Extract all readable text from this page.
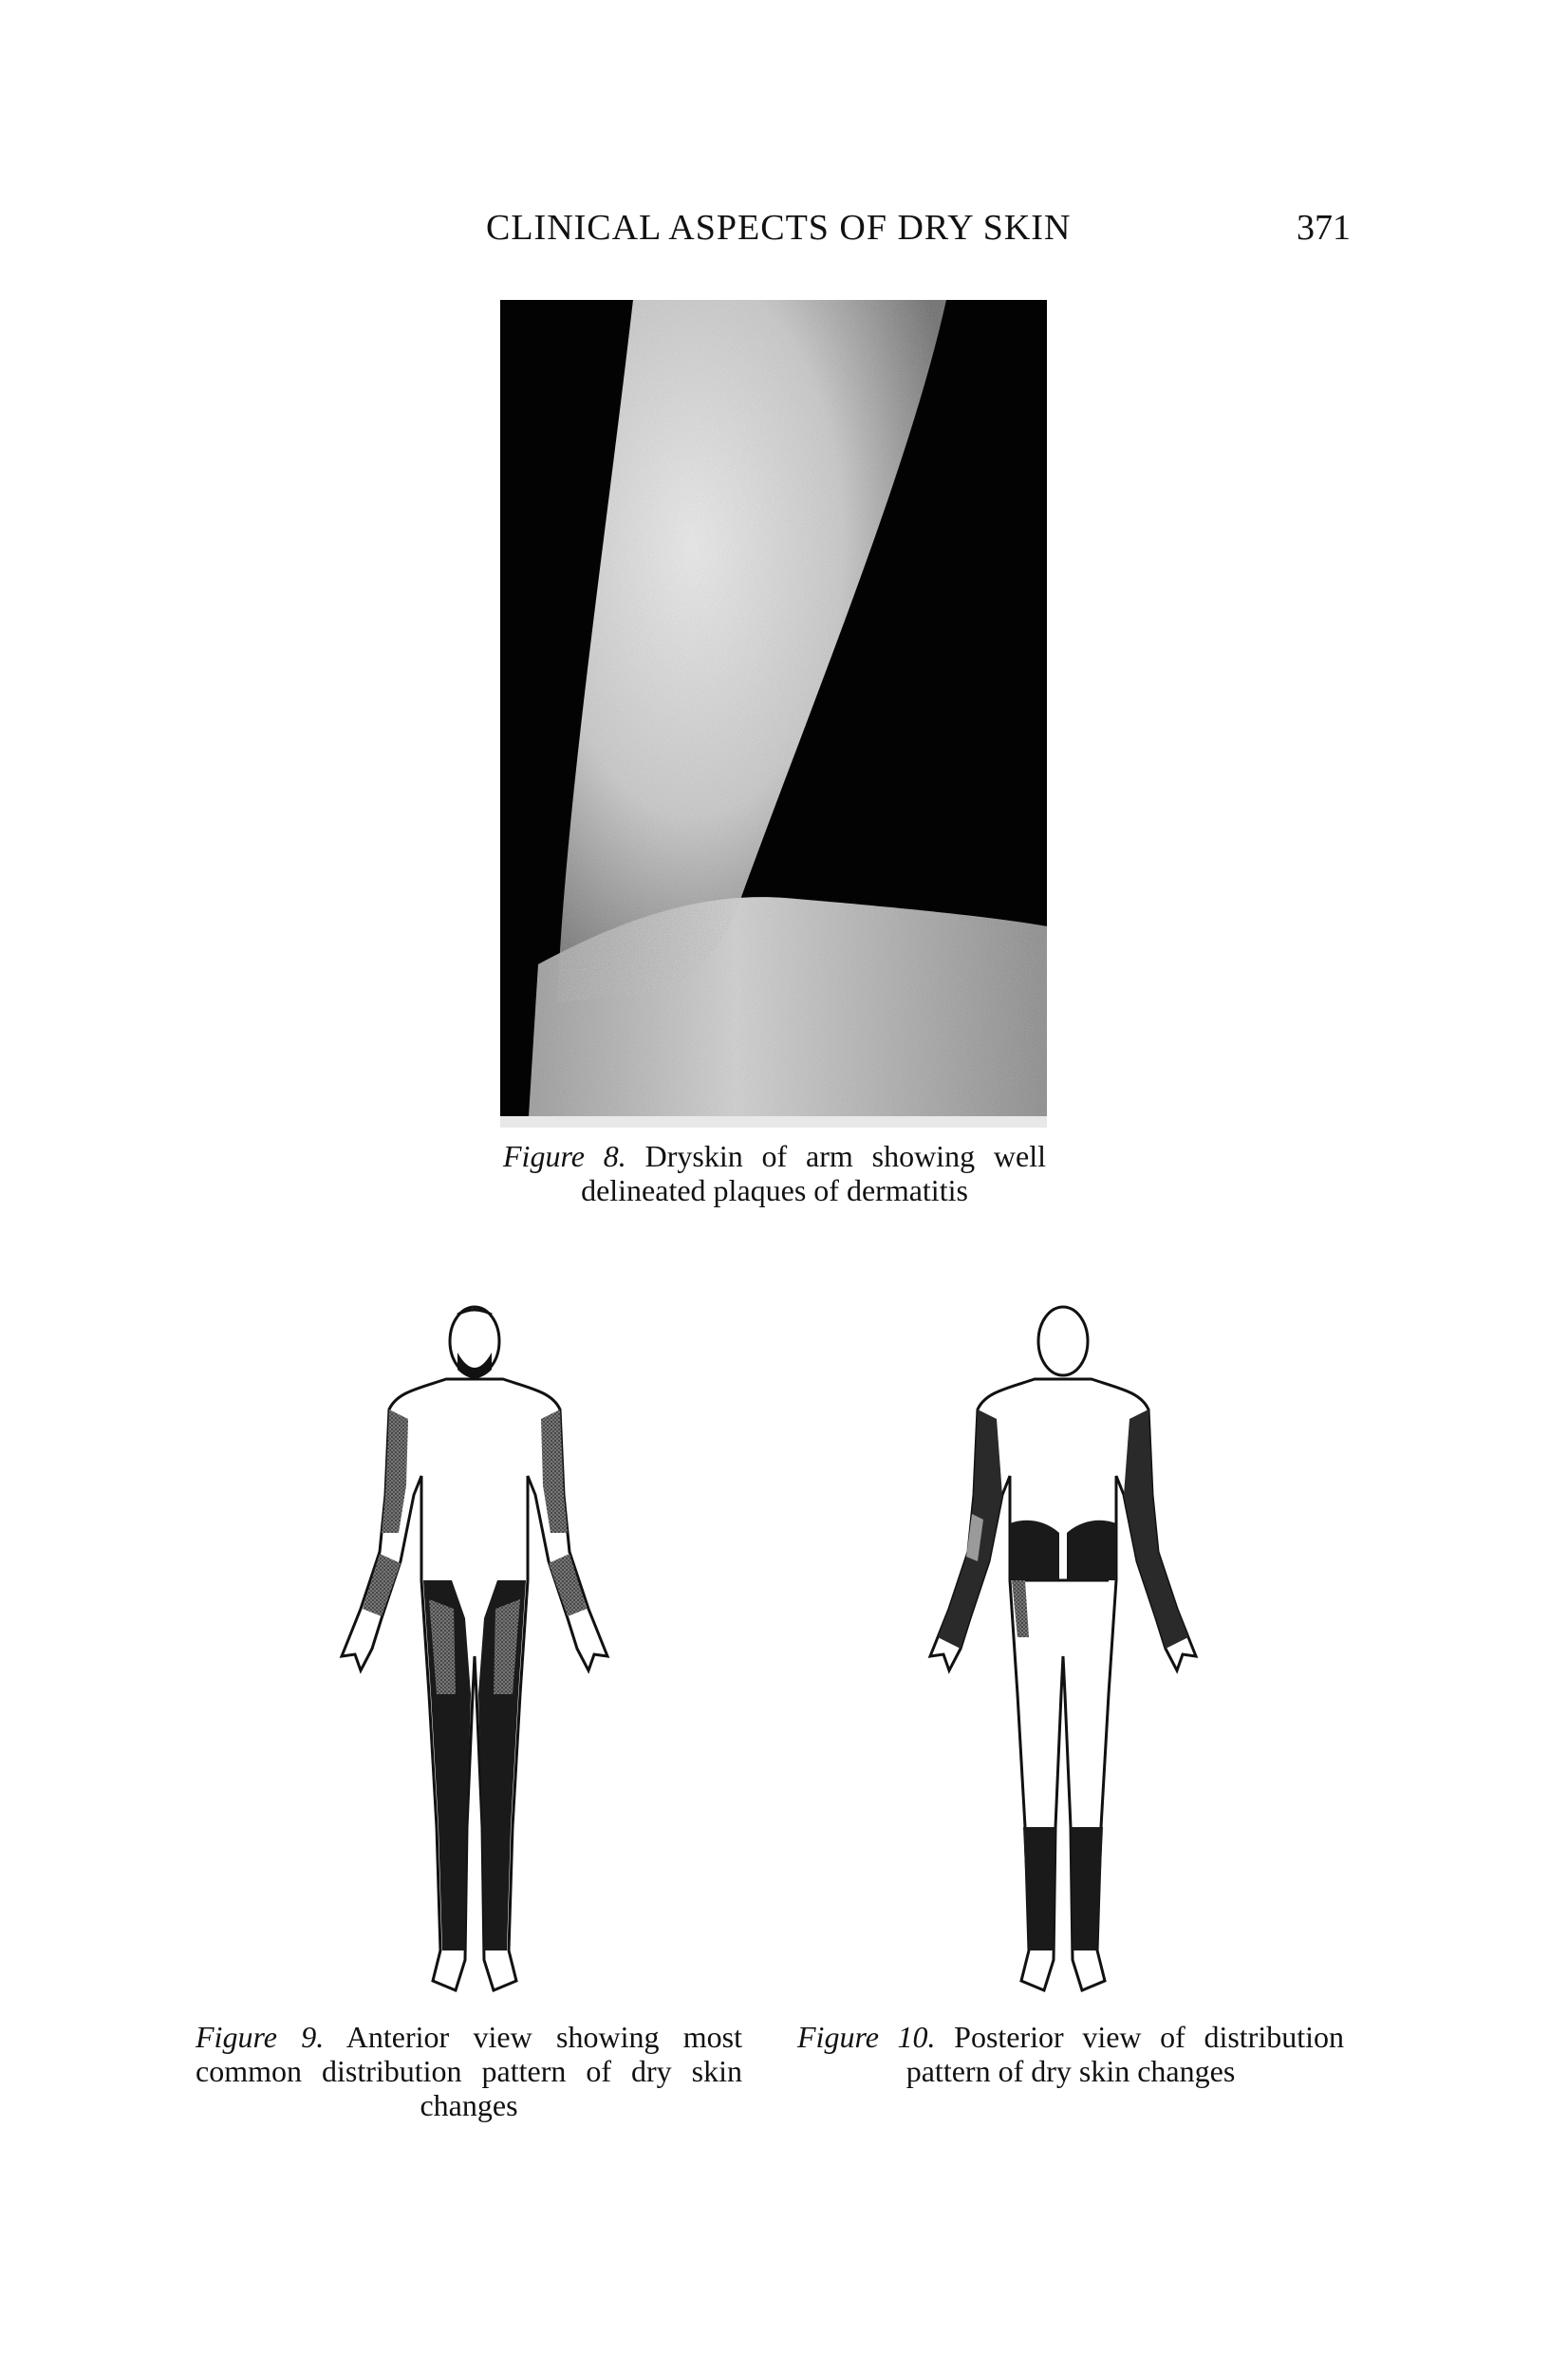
CLINICAL ASPECTS OF DRY SKIN	371
Figure 8. Dryskin of arm showing well delineated plaques of dermatitis
Figure 9. Anterior view showing most common distribution pattern of dry skin changes
Figure 10. Posterior view of distribution pattern of dry skin changes
